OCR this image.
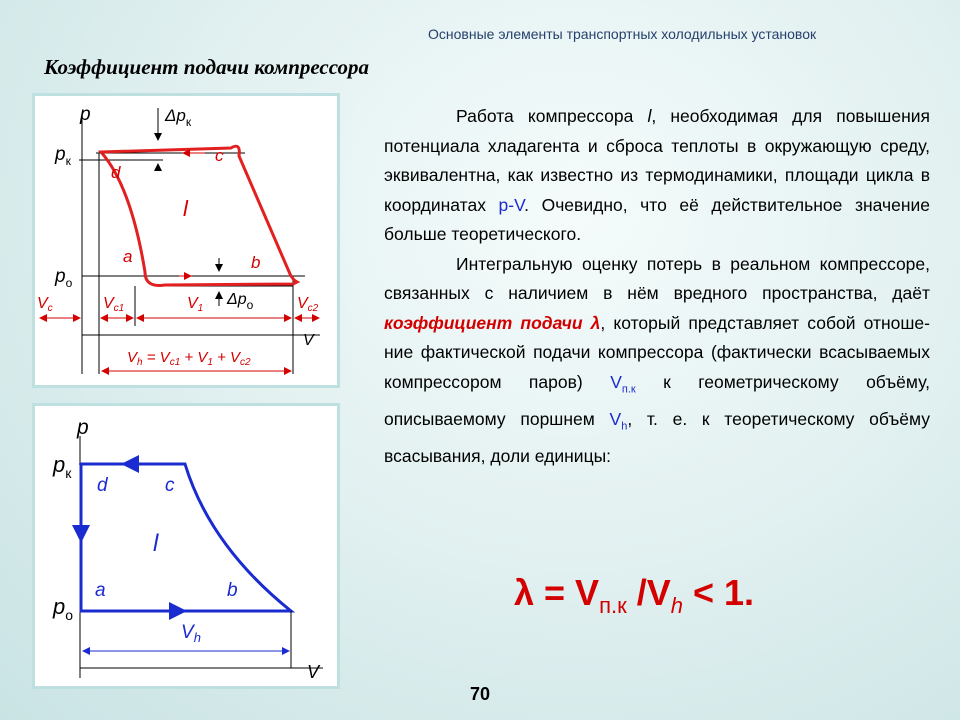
Основные элементы транспортных холодильных установок
Коэффициент подачи компрессора
p
V
$p_к$
$p_о$
$\Delta p_к$
$\Delta p_о$
d
c
a	b
l
Vc	Vc1	V1	Vc2
$V_h = V_{c1} + V_1 + V_{c2}$
p
V
$p_к$
$p_о$
d	c
a	b
l
$V_h$

Работа компрессора l, необходимая для повышения потенциала хладагента и сброса теплоты в окружающую среду, эквивалентна, как известно из термодинамики, площади цикла в координатах p-V. Очевидно, что её действительное значение больше теоретического.

Интегральную оценку потерь в реальном компрессоре, связанных с наличием в нём вредного пространства, даёт коэффициент подачи λ, который представляет собой отношение фактической подачи компрессора (фактически всасываемых компрессором паров) $V_{п.к}$ к геометрическому объёму, описываемому поршнем $V_h$, т. е. к теоретическому объёму всасывания, доли единицы:

$\lambda = V_{п.к}$ $/V_h < 1$.
70
